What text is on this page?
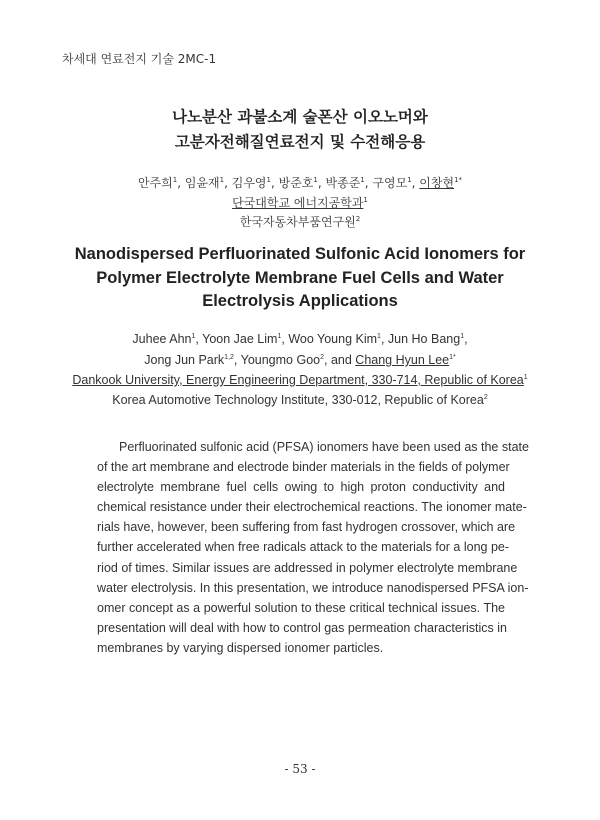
차세대 연료전지 기술 2MC-1
나노분산 과불소계 술폰산 이오노머와
고분자전해질연료전지 및 수전해응용
안주희$^1$, 임윤재$^1$, 김우영$^1$, 방준호$^1$, 박종준$^1$, 구영모$^1$, 이창현$^{1*}$
단국대학교 에너지공학과$^1$
한국자동차부품연구원$^2$
Nanodispersed Perfluorinated Sulfonic Acid Ionomers for
Polymer Electrolyte Membrane Fuel Cells and Water
Electrolysis Applications
Juhee Ahn$^1$, Yoon Jae Lim$^1$, Woo Young Kim$^1$, Jun Ho Bang$^1$,
Jong Jun Park$^{1,2}$, Youngmo Goo$^2$, and Chang Hyun Lee$^{1*}$
Dankook University, Energy Engineering Department, 330-714, Republic of Korea$^1$
Korea Automotive Technology Institute, 330-012, Republic of Korea$^2$
Perfluorinated sulfonic acid (PFSA) ionomers have been used as the state
of the art membrane and electrode binder materials in the fields of polymer
electrolyte membrane fuel cells owing to high proton conductivity and
chemical resistance under their electrochemical reactions. The ionomer mate-
rials have, however, been suffering from fast hydrogen crossover, which are
further accelerated when free radicals attack to the materials for a long pe-
riod of times. Similar issues are addressed in polymer electrolyte membrane
water electrolysis. In this presentation, we introduce nanodispersed PFSA ion-
omer concept as a powerful solution to these critical technical issues. The
presentation will deal with how to control gas permeation characteristics in
membranes by varying dispersed ionomer particles.
- 53 -
